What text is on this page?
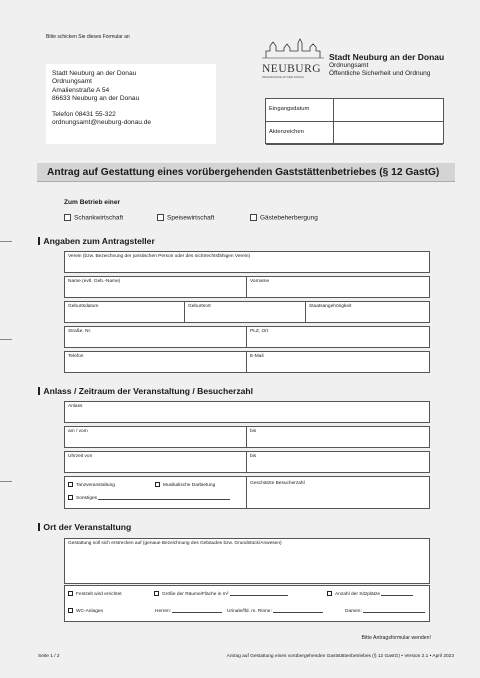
Bitte schicken Sie dieses Formular an
Stadt Neuburg an der Donau
Ordnungsamt
Amalienstraße A 54
86633 Neuburg an der Donau
Telefon 08431 55-322
ordnungsamt@neuburg-donau.de
NEUBURG
RENAISSANCE AN DER DONAU
Stadt Neuburg an der Donau
Ordnungsamt
Öffentliche Sicherheit und Ordnung
Eingangsdatum
Aktenzeichen
Antrag auf Gestattung eines vorübergehenden Gaststättenbetriebes (§ 12 GastG)
Zum Betrieb einer
Schankwirtschaft	Speisewirtschaft	Gästebeherbergung
Angaben zum Antragsteller
Verein (bzw. Bezeichnung der juristischen Person oder des nichtrechtsfähigen Verein)
Name (evtl. Geb.-Name)	Vorname
Geburtsdatum	Geburtsort	Staatsangehörigkeit
Straße, Nr.	PLZ, Ort
Telefon	E-Mail
Anlass / Zeitraum der Veranstaltung / Besucherzahl
Anlass
am / vom	bis
Uhrzeit von	bis
Tanzveranstaltung	Musikalische Darbietung
Sonstiges
Geschätzte Besucherzahl
Ort der Veranstaltung
Gestattung soll sich erstrecken auf (genaue Bezeichnung des Gebäudes bzw. Grundstück/Anwesen)
Festzelt wird errichtet	Größe der Räume/Fläche in m²	Anzahl der Sitzplätze
WC-Anlagen	Herren:	Urinale/lfd. m. Rinne:	Damen:
Bitte Antragsformular wenden!
Seite 1 / 2	Antrag auf Gestattung eines vorübergehenden Gaststättenbetriebes (§ 12 GastG) • Version 2.1 • April 2023
